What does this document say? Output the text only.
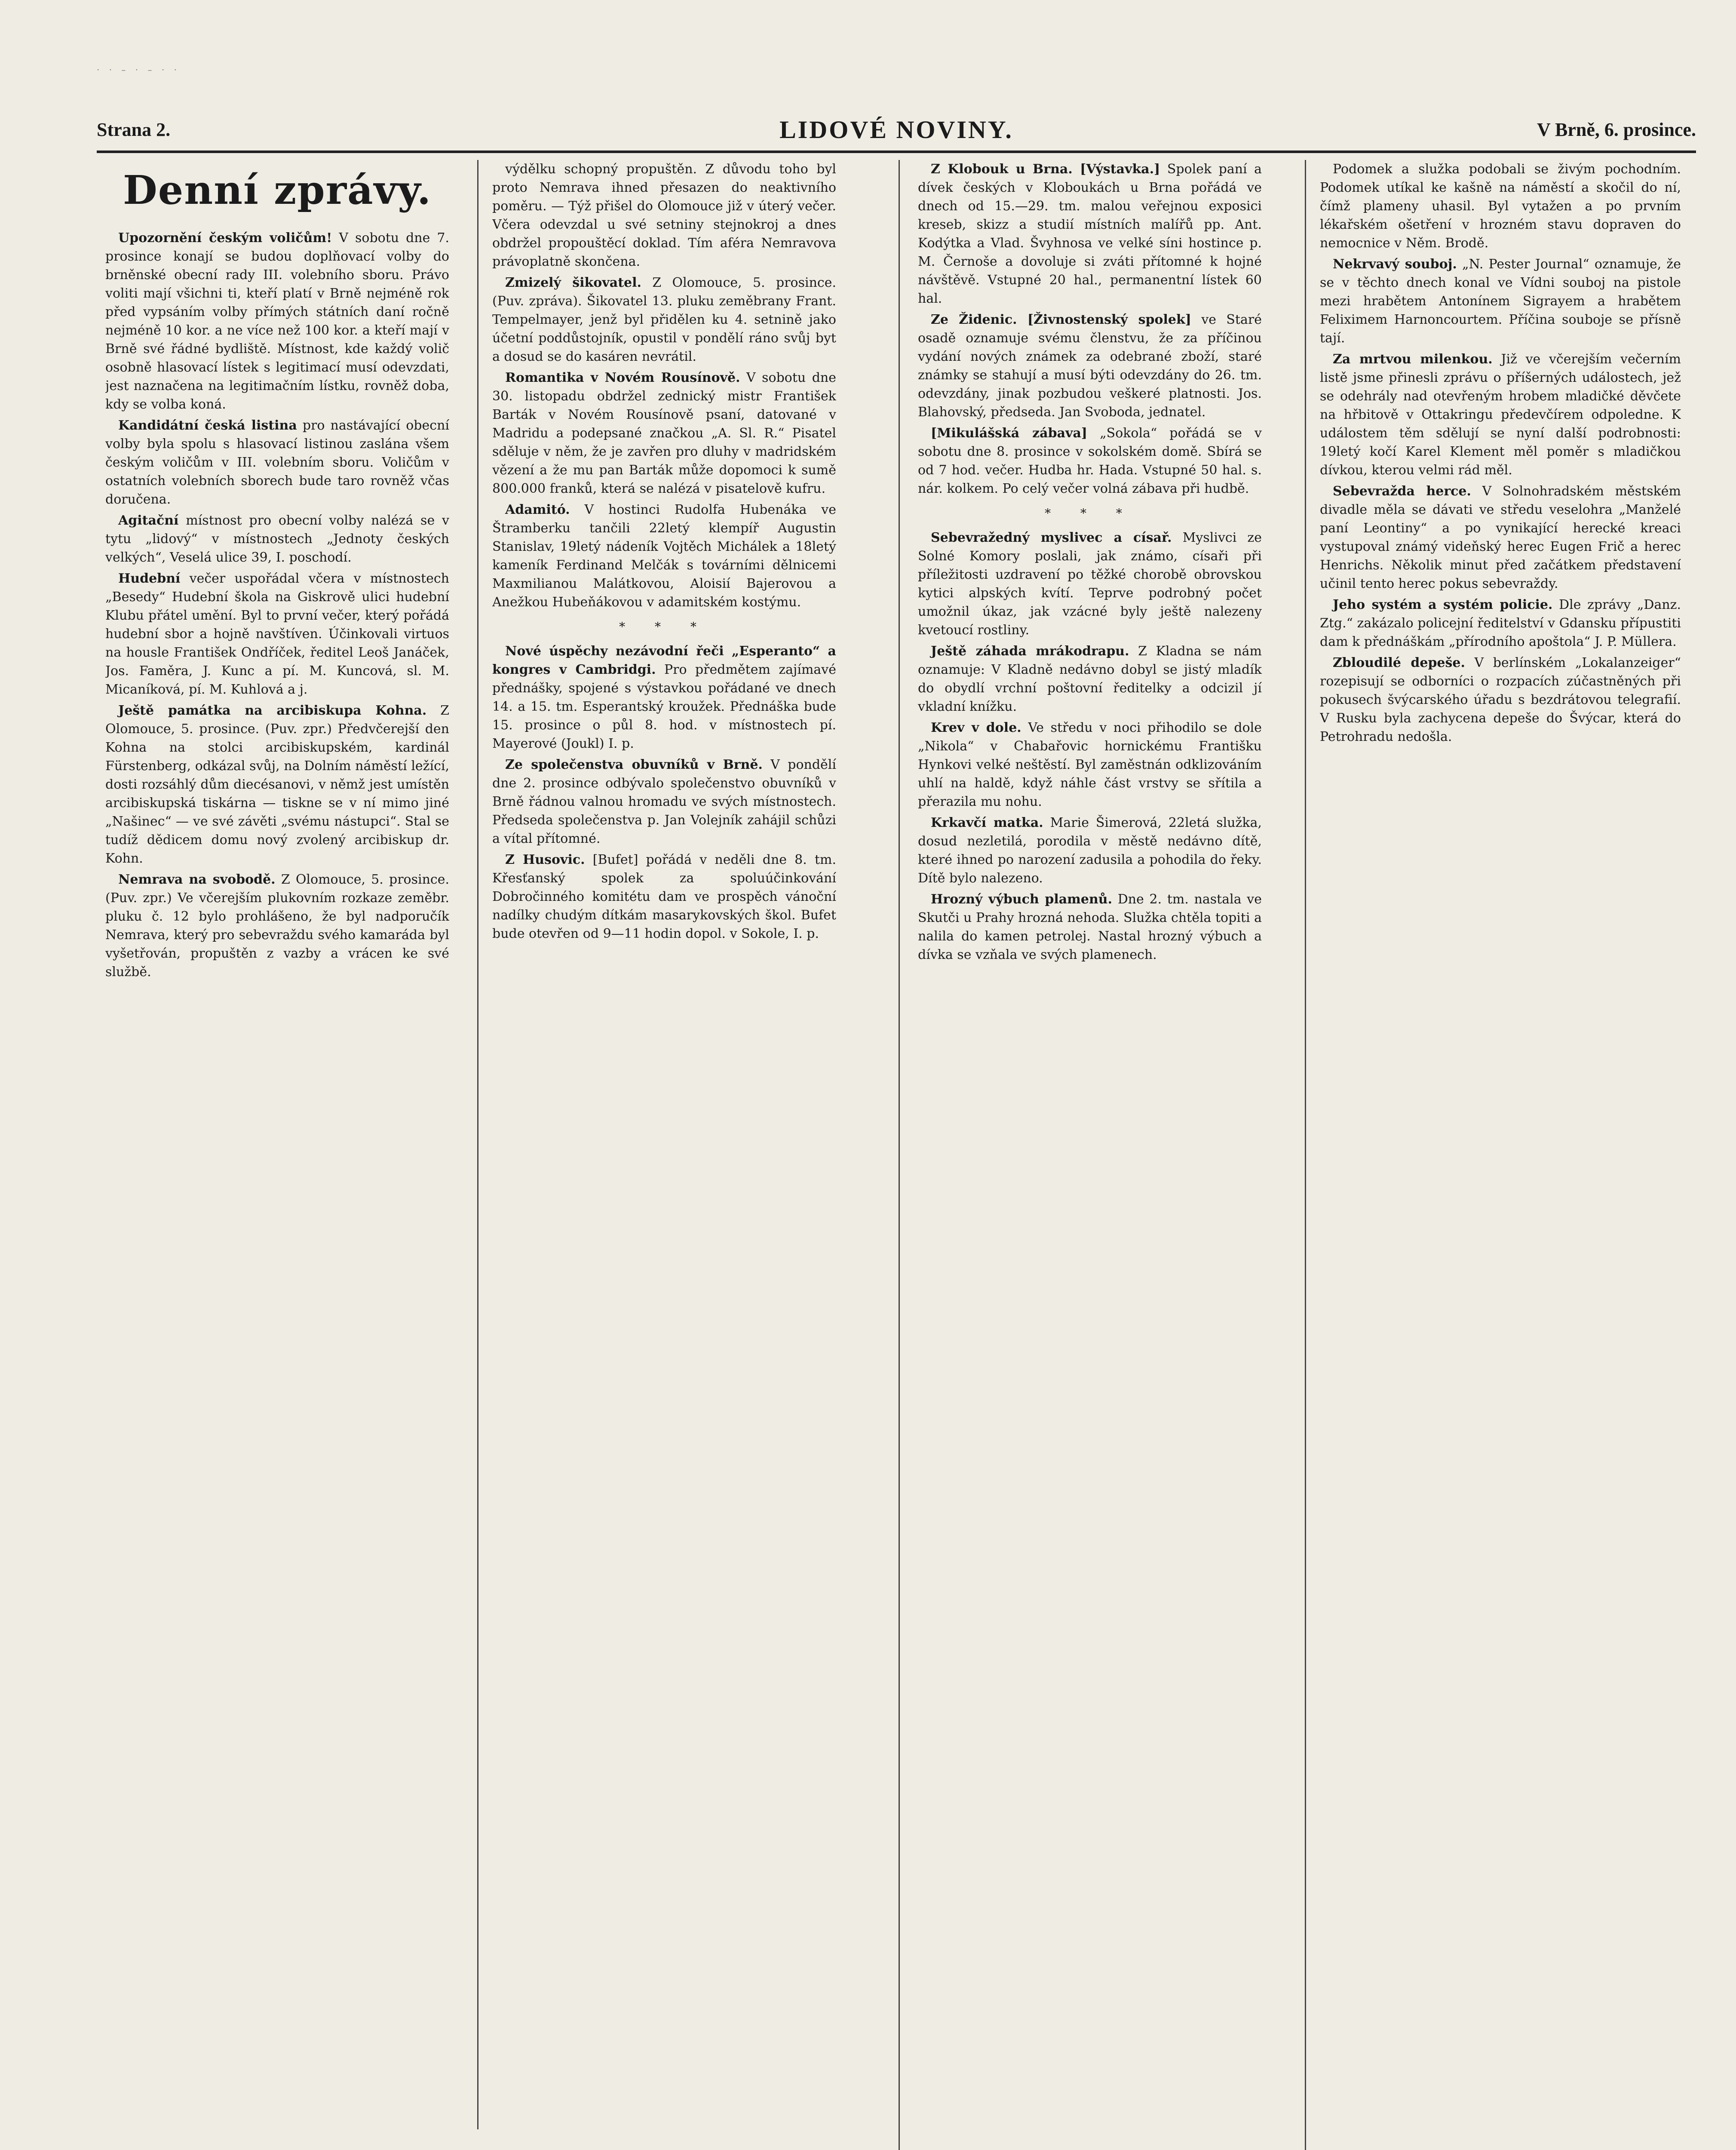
· · – · – · ·
Strana 2.	LIDOVÉ NOVINY.	V Brně, 6. prosince.
Denní zprávy.

Upozornění českým voličům! V sobotu dne 7. prosince konají se budou doplňovací volby do brněnské obecní rady III. volebního sboru. Právo voliti mají všichni ti, kteří platí v Brně nejméně rok před vypsáním volby přímých státních daní ročně nejméně 10 kor. a ne více než 100 kor. a kteří mají v Brně své řádné bydliště. Místnost, kde každý volič osobně hlasovací lístek s legitimací musí odevzdati, jest naznačena na legitimačním lístku, rovněž doba, kdy se volba koná.

Kandidátní česká listina pro nastávající obecní volby byla spolu s hlasovací listinou zaslána všem českým voličům v III. volebním sboru. Voličům v ostatních volebních sborech bude taro rovněž včas doručena.

Agitační místnost pro obecní volby nalézá se v tytu „lidový“ v místnostech „Jednoty českých velkých“, Veselá ulice 39, I. poschodí.

Hudební večer uspořádal včera v místnostech „Besedy“ Hudební škola na Giskrově ulici hudební Klubu přátel umění. Byl to první večer, který pořádá hudební sbor a hojně navštíven. Účinkovali virtuos na housle František Ondříček, ředitel Leoš Janáček, Jos. Faměra, J. Kunc a pí. M. Kuncová, sl. M. Micaníková, pí. M. Kuhlová a j.

Ještě památka na arcibiskupa Kohna. Z Olomouce, 5. prosince. (Puv. zpr.) Předvčerejší den Kohna na stolci arcibiskupském, kardinál Fürstenberg, odkázal svůj, na Dolním náměstí ležící, dosti rozsáhlý dům diecésanovi, v němž jest umístěn arcibiskupská tiskárna — tiskne se v ní mimo jiné „Našinec“ — ve své závěti „svému nástupci“. Stal se tudíž dědicem domu nový zvolený arcibiskup dr. Kohn.

Nemrava na svobodě. Z Olomouce, 5. prosince. (Puv. zpr.) Ve včerejším plukovním rozkaze zeměbr. pluku č. 12 bylo prohlášeno, že byl nadporučík Nemrava, který pro sebevraždu svého kamaráda byl vyšetřován, propuštěn z vazby a vrácen ke své službě.

výdělku schopný propuštěn. Z důvodu toho byl proto Nemrava ihned přesazen do neaktivního poměru. — Týž přišel do Olomouce již v úterý večer. Včera odevzdal u své setniny stejnokroj a dnes obdržel propouštěcí doklad. Tím aféra Nemravova právoplatně skončena.

Zmizelý šikovatel. Z Olomouce, 5. prosince. (Puv. zpráva). Šikovatel 13. pluku zeměbrany Frant. Tempelmayer, jenž byl přidělen ku 4. setnině jako účetní poddůstojník, opustil v pondělí ráno svůj byt a dosud se do kasáren nevrátil.

Romantika v Novém Rousínově. V sobotu dne 30. listopadu obdržel zednický mistr František Barták v Novém Rousínově psaní, datované v Madridu a podepsané značkou „A. Sl. R.“ Pisatel sděluje v něm, že je zavřen pro dluhy v madridském vězení a že mu pan Barták může dopomoci k sumě 800.000 franků, která se nalézá v pisatelově kufru.

Adamitó. V hostinci Rudolfa Hubenáka ve Štramberku tančili 22letý klempíř Augustin Stanislav, 19letý nádeník Vojtěch Michálek a 18letý kameník Ferdinand Melčák s továrními dělnicemi Maxmilianou Malátkovou, Aloisií Bajerovou a Anežkou Hubeňákovou v adamitském kostýmu.

* * *

Nové úspěchy nezávodní řeči „Esperanto“ a kongres v Cambridgi. Pro předmětem zajímavé přednášky, spojené s výstavkou pořádané ve dnech 14. a 15. tm. Esperantský kroužek. Přednáška bude 15. prosince o půl 8. hod. v místnostech pí. Mayerové (Joukl) I. p.

Ze společenstva obuvníků v Brně. V pondělí dne 2. prosince odbývalo společenstvo obuvníků v Brně řádnou valnou hromadu ve svých místnostech. Předseda společenstva p. Jan Volejník zahájil schůzi a vítal přítomné.

Z Husovic. [Bufet] pořádá v neděli dne 8. tm. Křesťanský spolek za spoluúčinkování Dobročinného komitétu dam ve prospěch vánoční nadílky chudým dítkám masarykovských škol. Bufet bude otevřen od 9—11 hodin dopol. v Sokole, I. p.

Z Klobouk u Brna. [Výstavka.] Spolek paní a dívek českých v Kloboukách u Brna pořádá ve dnech od 15.—29. tm. malou veřejnou exposici kreseb, skizz a studií místních malířů pp. Ant. Kodýtka a Vlad. Švyhnosa ve velké síni hostince p. M. Černoše a dovoluje si zváti přítomné k hojné návštěvě. Vstupné 20 hal., permanentní lístek 60 hal.

Ze Židenic. [Živnostenský spolek] ve Staré osadě oznamuje svému členstvu, že za příčinou vydání nových známek za odebrané zboží, staré známky se stahují a musí býti odevzdány do 26. tm. odevzdány, jinak pozbudou veškeré platnosti. Jos. Blahovský, předseda. Jan Svoboda, jednatel.

[Mikulášská zábava] „Sokola“ pořádá se v sobotu dne 8. prosince v sokolském domě. Sbírá se od 7 hod. večer. Hudba hr. Hada. Vstupné 50 hal. s. nár. kolkem. Po celý večer volná zábava při hudbě.

* * *

Sebevražedný myslivec a císař. Myslivci ze Solné Komory poslali, jak známo, císaři při příležitosti uzdravení po těžké chorobě obrovskou kytici alpských kvítí. Teprve podrobný počet umožnil úkaz, jak vzácné byly ještě nalezeny kvetoucí rostliny.

Ještě záhada mrákodrapu. Z Kladna se nám oznamuje: V Kladně nedávno dobyl se jistý mladík do obydlí vrchní poštovní ředitelky a odcizil jí vkladní knížku.

Krev v dole. Ve středu v noci přihodilo se dole „Nikola“ v Chabařovic hornickému Františku Hynkovi velké neštěstí. Byl zaměstnán odklizováním uhlí na haldě, když náhle část vrstvy se sřítila a přerazila mu nohu.

Krkavčí matka. Marie Šimerová, 22letá služka, dosud nezletilá, porodila v městě nedávno dítě, které ihned po narození zadusila a pohodila do řeky. Dítě bylo nalezeno.

Hrozný výbuch plamenů. Dne 2. tm. nastala ve Skutči u Prahy hrozná nehoda. Služka chtěla topiti a nalila do kamen petrolej. Nastal hrozný výbuch a dívka se vzňala ve svých plamenech.

Podomek a služka podobali se živým pochodním. Podomek utíkal ke kašně na náměstí a skočil do ní, čímž plameny uhasil. Byl vytažen a po prvním lékařském ošetření v hrozném stavu dopraven do nemocnice v Něm. Brodě.

Nekrvavý souboj. „N. Pester Journal“ oznamuje, že se v těchto dnech konal ve Vídni souboj na pistole mezi hrabětem Antonínem Sigrayem a hrabětem Feliximem Harnoncourtem. Příčina souboje se přísně tají.

Za mrtvou milenkou. Již ve včerejším večerním listě jsme přinesli zprávu o příšerných událostech, jež se odehrály nad otevřeným hrobem mladičké děvčete na hřbitově v Ottakringu předevčírem odpoledne. K událostem těm sdělují se nyní další podrobnosti: 19letý kočí Karel Klement měl poměr s mladičkou dívkou, kterou velmi rád měl.

Sebevražda herce. V Solnohradském městském divadle měla se dávati ve středu veselohra „Manželé paní Leontiny“ a po vynikající herecké kreaci vystupoval známý videňský herec Eugen Frič a herec Henrichs. Několik minut před začátkem představení učinil tento herec pokus sebevraždy.

Jeho systém a systém policie. Dle zprávy „Danz. Ztg.“ zakázalo policejní ředitelství v Gdansku přípustiti dam k přednáškám „přírodního apoštola“ J. P. Müllera.

Zbloudilé depeše. V berlínském „Lokalanzeiger“ rozepisují se odborníci o rozpacích zúčastněných při pokusech švýcarského úřadu s bezdrátovou telegrafií. V Rusku byla zachycena depeše do Švýcar, která do Petrohradu nedošla.
